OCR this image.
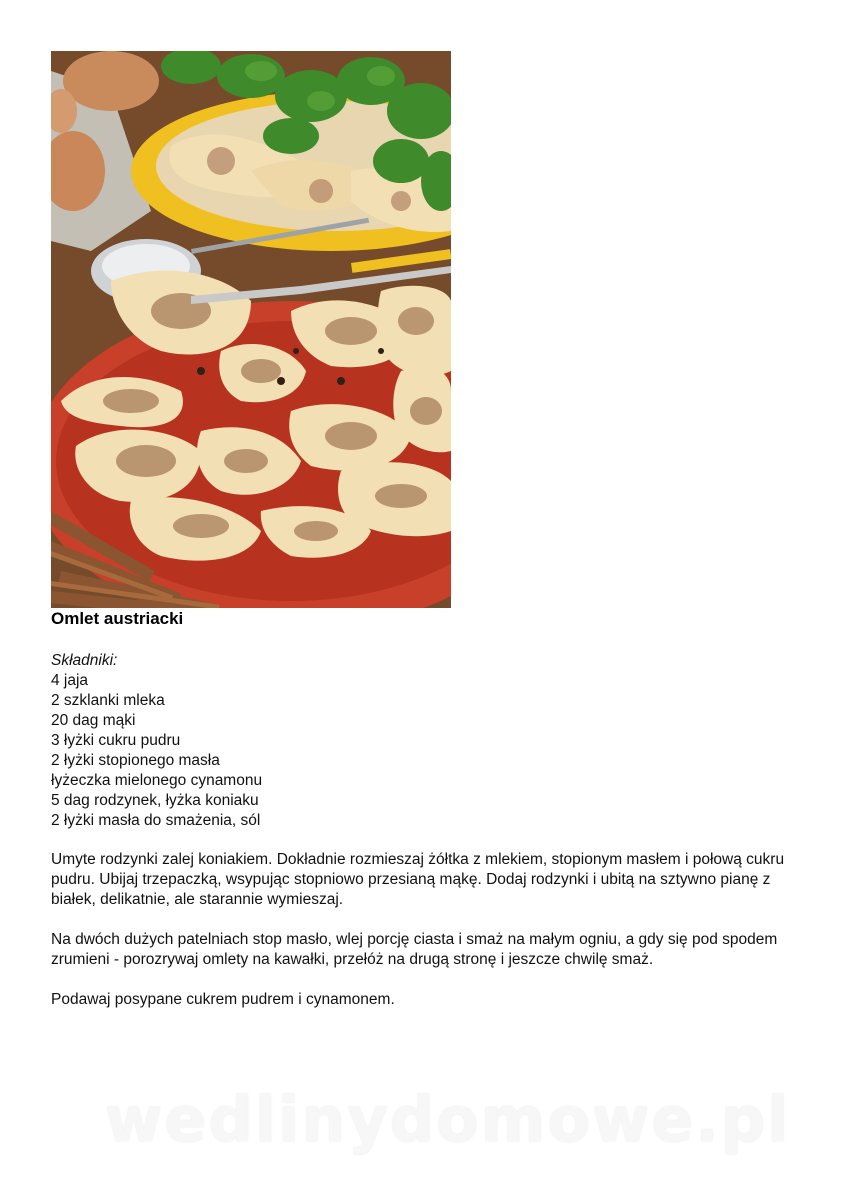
Omlet austriacki
Składniki:
4 jaja
2 szklanki mleka
20 dag mąki
3 łyżki cukru pudru
2 łyżki stopionego masła
łyżeczka mielonego cynamonu
5 dag rodzynek, łyżka koniaku
2 łyżki masła do smażenia, sól

Umyte rodzynki zalej koniakiem. Dokładnie rozmieszaj żółtka z mlekiem, stopionym masłem i połową cukru pudru. Ubijaj trzepaczką, wsypując stopniowo przesianą mąkę. Dodaj rodzynki i ubitą na sztywno pianę z białek, delikatnie, ale starannie wymieszaj.

Na dwóch dużych patelniach stop masło, wlej porcję ciasta i smaż na małym ogniu, a gdy się pod spodem zrumieni - porozrywaj omlety na kawałki, przełóż na drugą stronę i jeszcze chwilę smaż.

Podawaj posypane cukrem pudrem i cynamonem.

wedlinydomowe.pl
